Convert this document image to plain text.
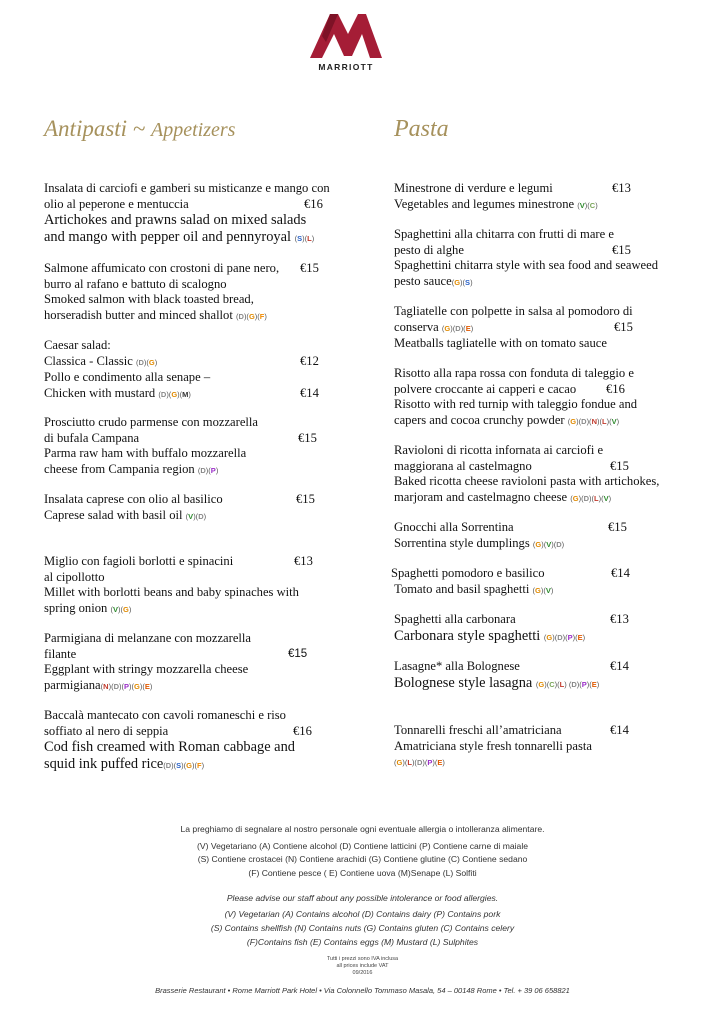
MARRIOTT
Antipasti ~ Appetizers	Pasta
Insalata di carciofi e gamberi su misticanze e mango con
olio al peperone e mentuccia	€16
Artichokes and prawns salad on mixed salads
and mango with pepper oil and pennyroyal (S)(L)
Salmone affumicato con crostoni di pane nero, €15
burro al rafano e battuto di scalogno
Smoked salmon with black toasted bread,
horseradish butter and minced shallot (D)(G)(F)
Caesar salad:
Classica - Classic (D)(G)	€12
Pollo e condimento alla senape –
Chicken with mustard (D)(G)(M)	€14
Prosciutto crudo parmense con mozzarella
di bufala Campana	€15
Parma raw ham with buffalo mozzarella
cheese from Campania region (D)(P)
Insalata caprese con olio al basilico	€15
Caprese salad with basil oil (V)(D)
Miglio con fagioli borlotti e spinacini	€13
al cipollotto
Millet with borlotti beans and baby spinaches with
spring onion (V)(G)
Parmigiana di melanzane con mozzarella
filante	€15
Eggplant with stringy mozzarella cheese
parmigiana(N)(D)(P)(G)(E)
Baccalà mantecato con cavoli romaneschi e riso
soffiato al nero di seppia	€16
Cod fish creamed with Roman cabbage and
squid ink puffed rice(D)(S)(G)(F)
Minestrone di verdure e legumi	€13
Vegetables and legumes minestrone (V)(C)
Spaghettini alla chitarra con frutti di mare e
pesto di alghe	€15
Spaghettini chitarra style with sea food and seaweed
pesto sauce(G)(S)
Tagliatelle con polpette in salsa al pomodoro di
conserva (G)(D)(E)	€15
Meatballs tagliatelle with on tomato sauce
Risotto alla rapa rossa con fonduta di taleggio e
polvere croccante ai capperi e cacao €16
Risotto with red turnip with taleggio fondue and
capers and cocoa crunchy powder (G)(D)(N)(L)(V)
Ravioloni di ricotta infornata ai carciofi e
maggiorana al castelmagno	€15
Baked ricotta cheese ravioloni pasta with artichokes,
marjoram and castelmagno cheese (G)(D)(L)(V)
Gnocchi alla Sorrentina	€15
Sorrentina style dumplings (G)(V)(D)
Spaghetti pomodoro e basilico	€14
Tomato and basil spaghetti (G)(V)
Spaghetti alla carbonara	€13
Carbonara style spaghetti (G)(D)(P)(E)
Lasagne* alla Bolognese	€14
Bolognese style lasagna (G)(C)(L) (D)(P)(E)
Tonnarelli freschi all’amatriciana	€14
Amatriciana style fresh tonnarelli pasta
(G)(L)(D)(P)(E)
La preghiamo di segnalare al nostro personale ogni eventuale allergia o intolleranza alimentare.
(V) Vegetariano (A) Contiene alcohol (D) Contiene latticini (P) Contiene carne di maiale
(S) Contiene crostacei (N) Contiene arachidi (G) Contiene glutine (C) Contiene sedano
(F) Contiene pesce ( E) Contiene uova (M)Senape (L) Solfiti
Please advise our staff about any possible intolerance or food allergies.
(V) Vegetarian (A) Contains alcohol (D) Contains dairy (P) Contains pork
(S) Contains shellfish (N) Contains nuts (G) Contains gluten (C) Contains celery
(F)Contains fish (E) Contains eggs (M) Mustard (L) Sulphites
Tutti i prezzi sono IVA inclusa
all prices include VAT
09/2016
Brasserie Restaurant • Rome Marriott Park Hotel • Via Colonnello Tommaso Masala, 54 – 00148 Rome • Tel. + 39 06 658821
